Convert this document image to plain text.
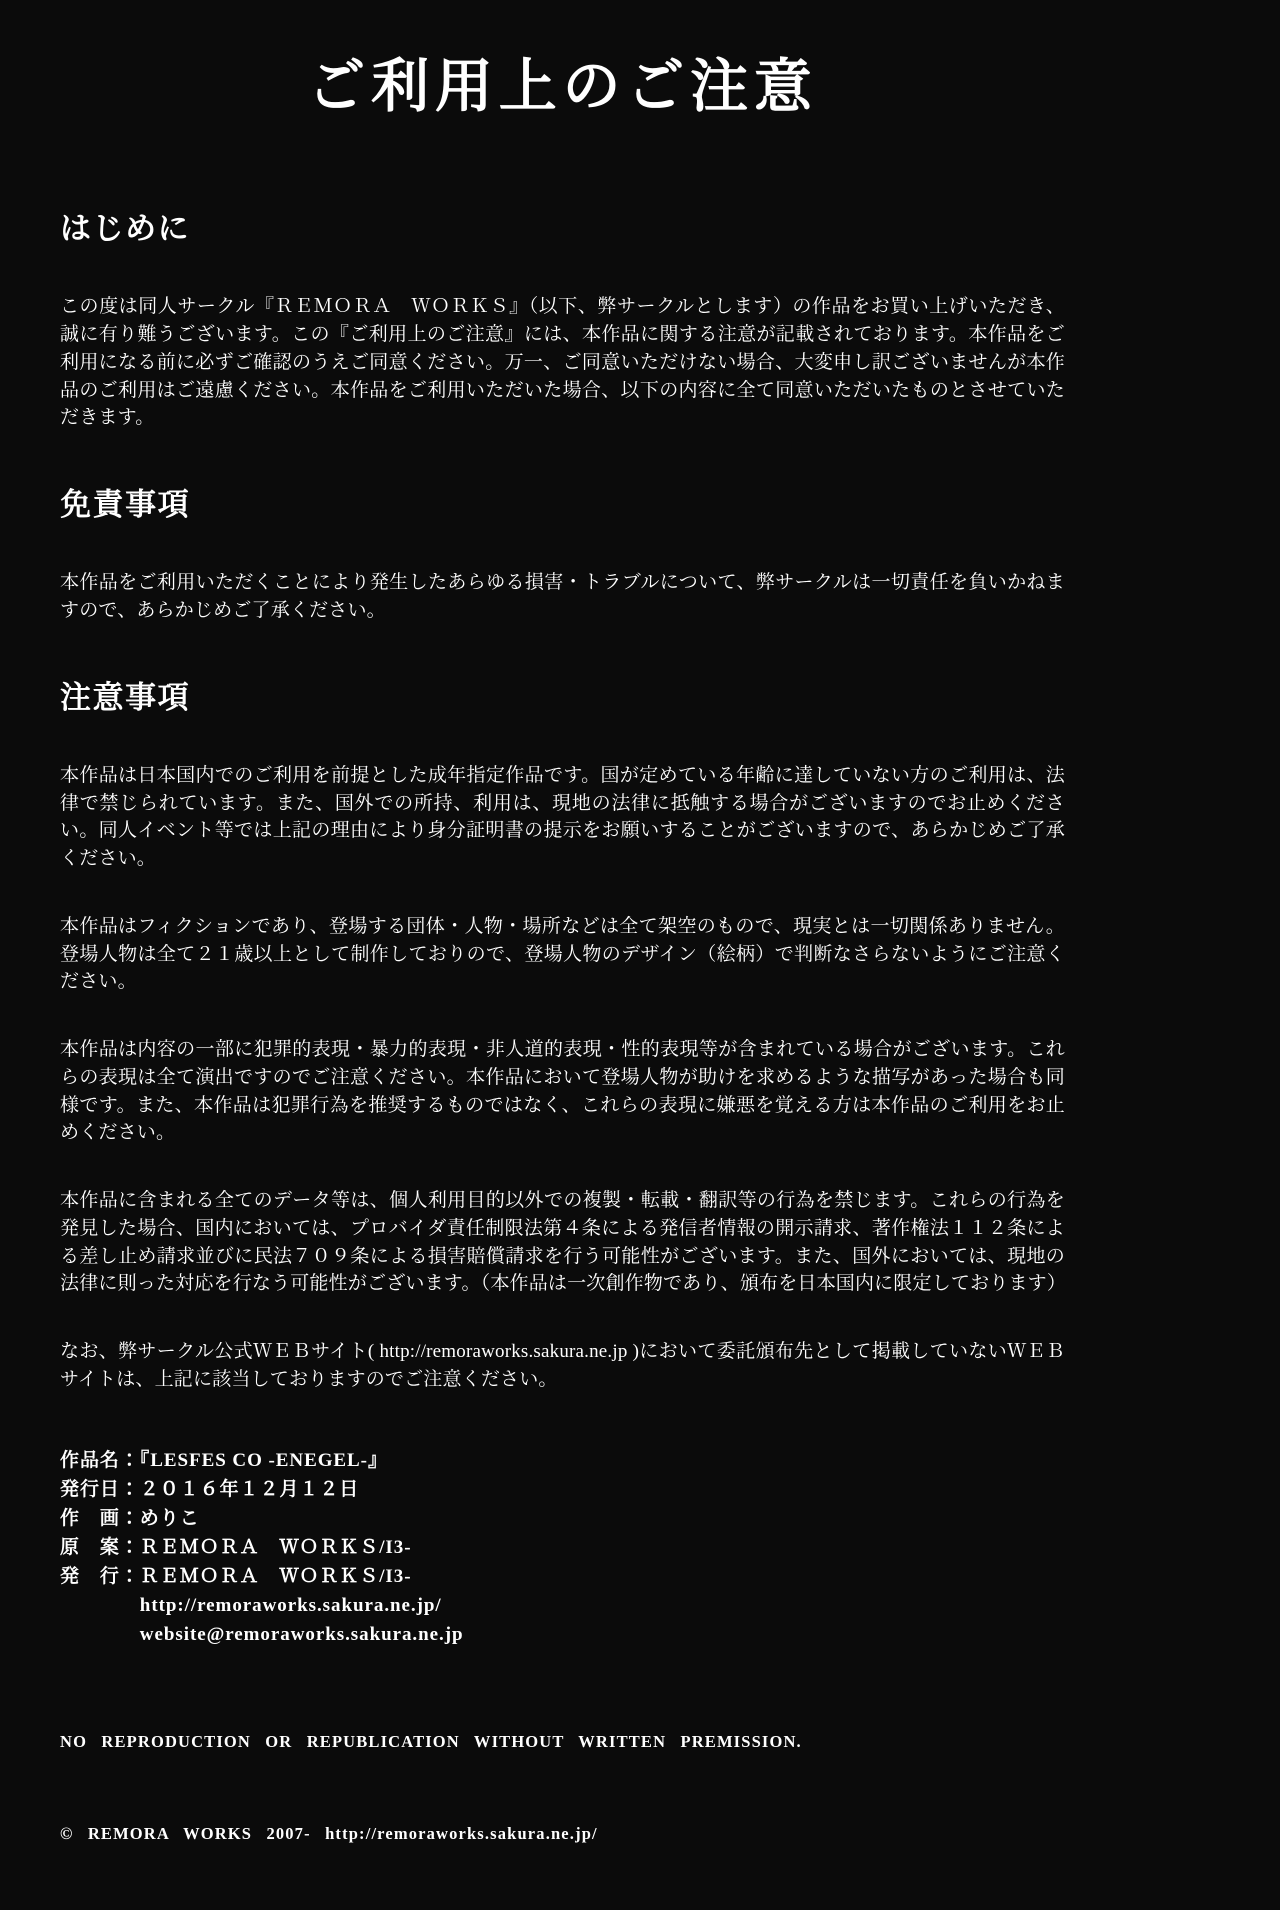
ご利用上のご注意
はじめに

この度は同人サークル『ＲＥＭＯＲＡ　ＷＯＲＫＳ』（以下、弊サークルとします）の作品をお買い上げいただき、誠に有り難うございます。この『ご利用上のご注意』には、本作品に関する注意が記載されております。本作品をご利用になる前に必ずご確認のうえご同意ください。万一、ご同意いただけない場合、大変申し訳ございませんが本作品のご利用はご遠慮ください。本作品をご利用いただいた場合、以下の内容に全て同意いただいたものとさせていただきます。

免責事項

本作品をご利用いただくことにより発生したあらゆる損害・トラブルについて、弊サークルは一切責任を負いかねますので、あらかじめご了承ください。

注意事項

本作品は日本国内でのご利用を前提とした成年指定作品です。国が定めている年齢に達していない方のご利用は、法律で禁じられています。また、国外での所持、利用は、現地の法律に抵触する場合がございますのでお止めください。同人イベント等では上記の理由により身分証明書の提示をお願いすることがございますので、あらかじめご了承ください。

本作品はフィクションであり、登場する団体・人物・場所などは全て架空のもので、現実とは一切関係ありません。登場人物は全て２１歳以上として制作しておりので、登場人物のデザイン（絵柄）で判断なさらないようにご注意ください。

本作品は内容の一部に犯罪的表現・暴力的表現・非人道的表現・性的表現等が含まれている場合がございます。これらの表現は全て演出ですのでご注意ください。本作品において登場人物が助けを求めるような描写があった場合も同様です。また、本作品は犯罪行為を推奨するものではなく、これらの表現に嫌悪を覚える方は本作品のご利用をお止めください。

本作品に含まれる全てのデータ等は、個人利用目的以外での複製・転載・翻訳等の行為を禁じます。これらの行為を発見した場合、国内においては、プロバイダ責任制限法第４条による発信者情報の開示請求、著作権法１１２条による差し止め請求並びに民法７０９条による損害賠償請求を行う可能性がございます。また、国外においては、現地の法律に則った対応を行なう可能性がございます。（本作品は一次創作物であり、頒布を日本国内に限定しております）

なお、弊サークル公式ＷＥＢサイト( http://remoraworks.sakura.ne.jp )において委託頒布先として掲載していないＷＥＢサイトは、上記に該当しておりますのでご注意ください。

作品名：『LESFES CO -ENEGEL-』
発行日：２０１６年１２月１２日
作　画：めりこ
原　案：ＲＥＭＯＲＡ　ＷＯＲＫＳ/I3-
発　行：ＲＥＭＯＲＡ　ＷＯＲＫＳ/I3-
　　　　http://remoraworks.sakura.ne.jp/
　　　　website@remoraworks.sakura.ne.jp

NO REPRODUCTION OR REPUBLICATION WITHOUT WRITTEN PREMISSION.

© REMORA WORKS 2007- http://remoraworks.sakura.ne.jp/
